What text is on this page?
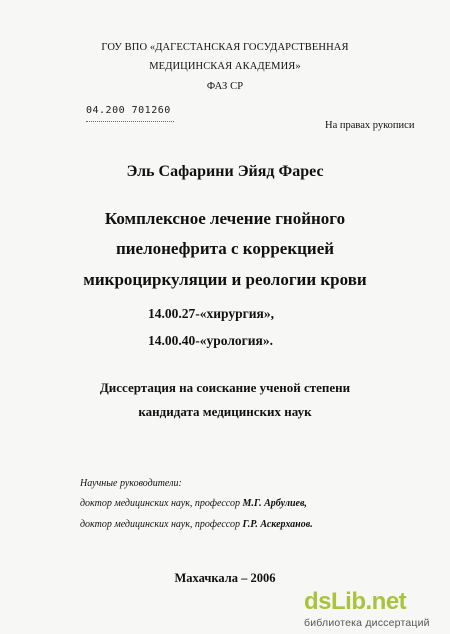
ГОУ ВПО «ДАГЕСТАНСКАЯ ГОСУДАРСТВЕННАЯ
МЕДИЦИНСКАЯ АКАДЕМИЯ»
ФАЗ СР
04.200 701260
На правах рукописи
Эль Сафарини Эйяд Фарес
Комплексное лечение гнойного
пиелонефрита с коррекцией
микроциркуляции и реологии крови
14.00.27-«хирургия»,
14.00.40-«урология».
Диссертация на соискание ученой степени
кандидата медицинских наук
Научные руководители:
доктор медицинских наук, профессор М.Г. Арбулиев,
доктор медицинских наук, профессор Г.Р. Аскерханов.
Махачкала – 2006
dsLib.net
библиотека диссертаций
